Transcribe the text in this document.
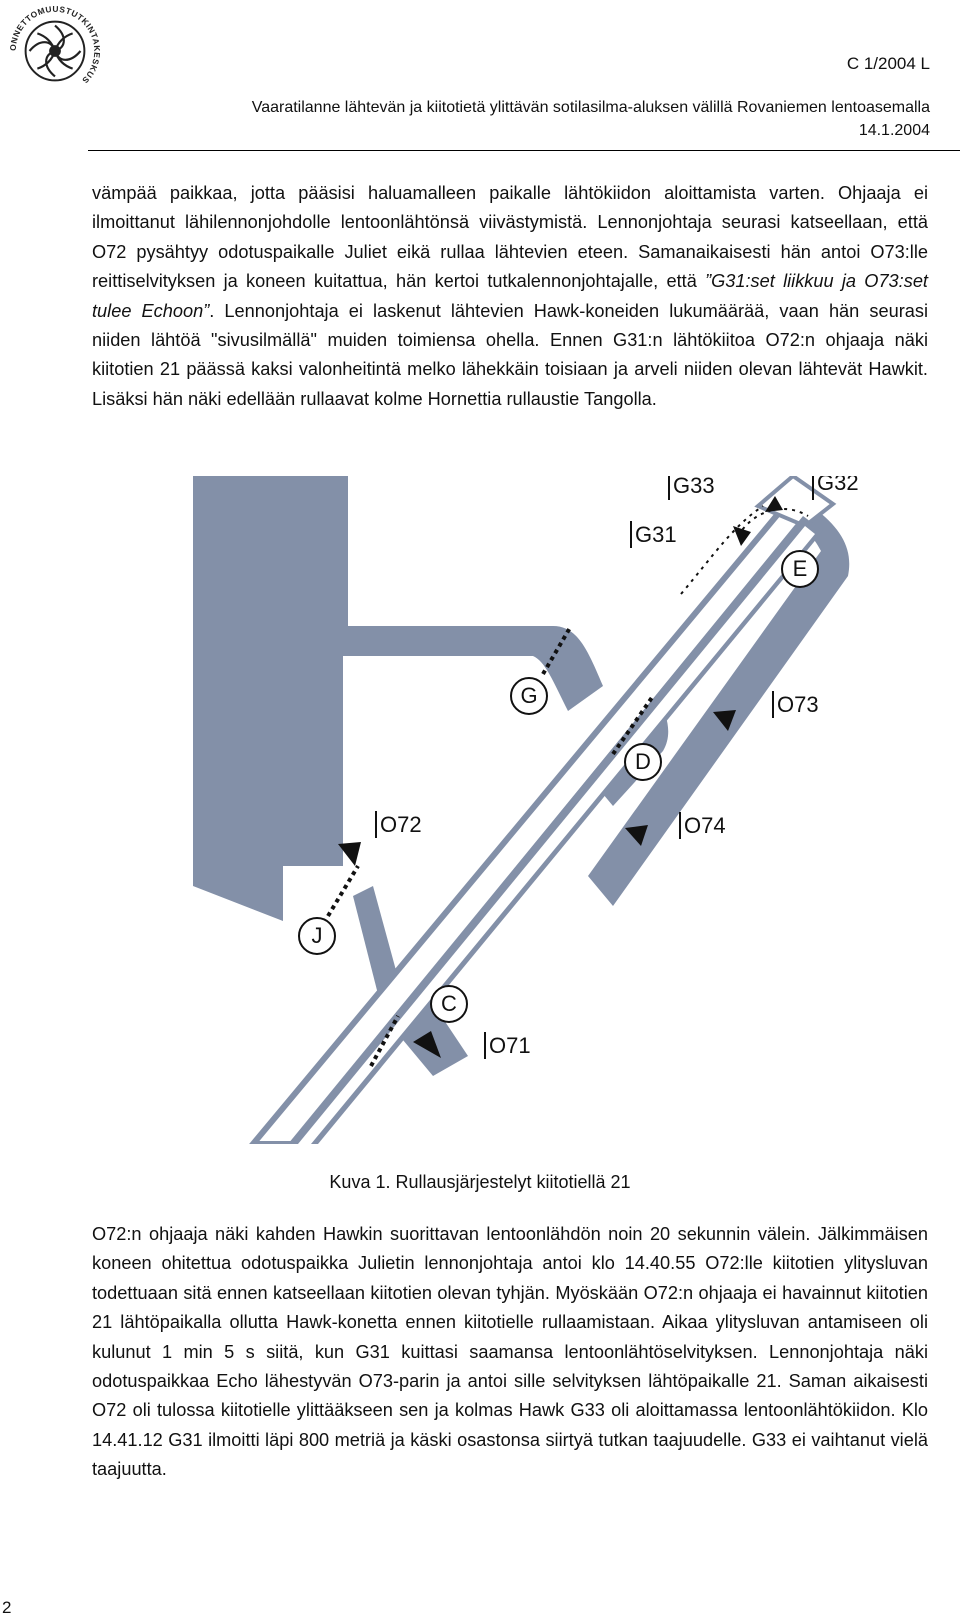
ONNETTOMUUSTUTKINTAKESKUS
C 1/2004 L
Vaaratilanne lähtevän ja kiitotietä ylittävän sotilasilma-aluksen välillä Rovaniemen lentoasemalla
14.1.2004

vämpää paikkaa, jotta pääsisi haluamalleen paikalle lähtökiidon aloittamista varten. Ohjaaja ei ilmoittanut lähilennonjohdolle lentoonlähtönsä viivästymistä. Lennonjohtaja seurasi katseellaan, että O72 pysähtyy odotuspaikalle Juliet eikä rullaa lähtevien eteen. Samanaikaisesti hän antoi O73:lle reittiselvityksen ja koneen kuitattua, hän kertoi tutkalennonjohtajalle, että ”G31:set liikkuu ja O73:set tulee Echoon”. Lennonjohtaja ei laskenut lähtevien Hawk-koneiden lukumäärää, vaan hän seurasi niiden lähtöä "sivusilmällä" muiden toimiensa ohella. Ennen G31:n lähtökiitoa O72:n ohjaaja näki kiitotien 21 päässä kaksi valonheitintä melko lähekkäin toisiaan ja arveli niiden olevan lähtevät Hawkit. Lisäksi hän näki edellään rullaavat kolme Hornettia rullaustie Tangolla.

G33	G32
G31
O73
O72	O74
O71
E
G
D
J
C
Kuva 1. Rullausjärjestelyt kiitotiellä 21

O72:n ohjaaja näki kahden Hawkin suorittavan lentoonlähdön noin 20 sekunnin välein. Jälkimmäisen koneen ohitettua odotuspaikka Julietin lennonjohtaja antoi klo 14.40.55 O72:lle kiitotien ylitysluvan todettuaan sitä ennen katseellaan kiitotien olevan tyhjän. Myöskään O72:n ohjaaja ei havainnut kiitotien 21 lähtöpaikalla ollutta Hawk-konetta ennen kiitotielle rullaamistaan. Aikaa ylitysluvan antamiseen oli kulunut 1 min 5 s siitä, kun G31 kuittasi saamansa lentoonlähtöselvityksen. Lennonjohtaja näki odotuspaikkaa Echo lähestyvän O73-parin ja antoi sille selvityksen lähtöpaikalle 21. Saman aikaisesti O72 oli tulossa kiitotielle ylittääkseen sen ja kolmas Hawk G33 oli aloittamassa lentoonlähtökiidon. Klo 14.41.12 G31 ilmoitti läpi 800 metriä ja käski osastonsa siirtyä tutkan taajuudelle. G33 ei vaihtanut vielä taajuutta.

2
